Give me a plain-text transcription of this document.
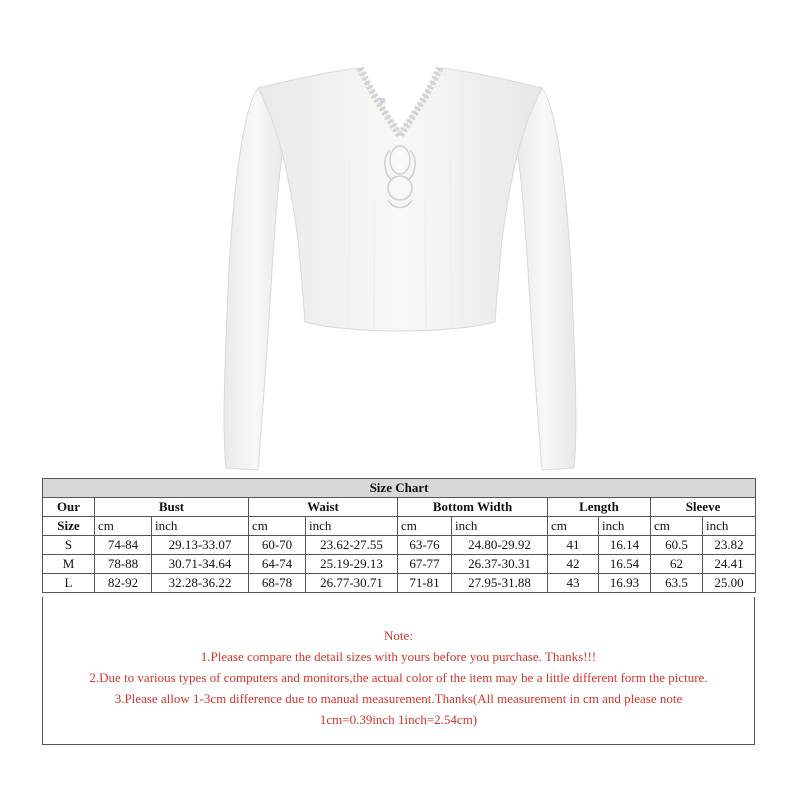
Size Chart										
Our	Bust		Waist		Bottom Width		Length		Sleeve	
Size	cm	inch	cm	inch	cm	inch	cm	inch	cm	inch
S	74-84	29.13-33.07	60-70	23.62-27.55	63-76	24.80-29.92	41	16.14	60.5	23.82
M	78-88	30.71-34.64	64-74	25.19-29.13	67-77	26.37-30.31	42	16.54	62	24.41
L	82-92	32.28-36.22	68-78	26.77-30.71	71-81	27.95-31.88	43	16.93	63.5	25.00
Note:
1.Please compare the detail sizes with yours before you purchase. Thanks!!!
2.Due to various types of computers and monitors,the actual color of the item may be a little different form the picture.
3.Please allow 1-3cm difference due to manual measurement.Thanks(All measurement in cm and please note
1cm=0.39inch 1inch=2.54cm)
